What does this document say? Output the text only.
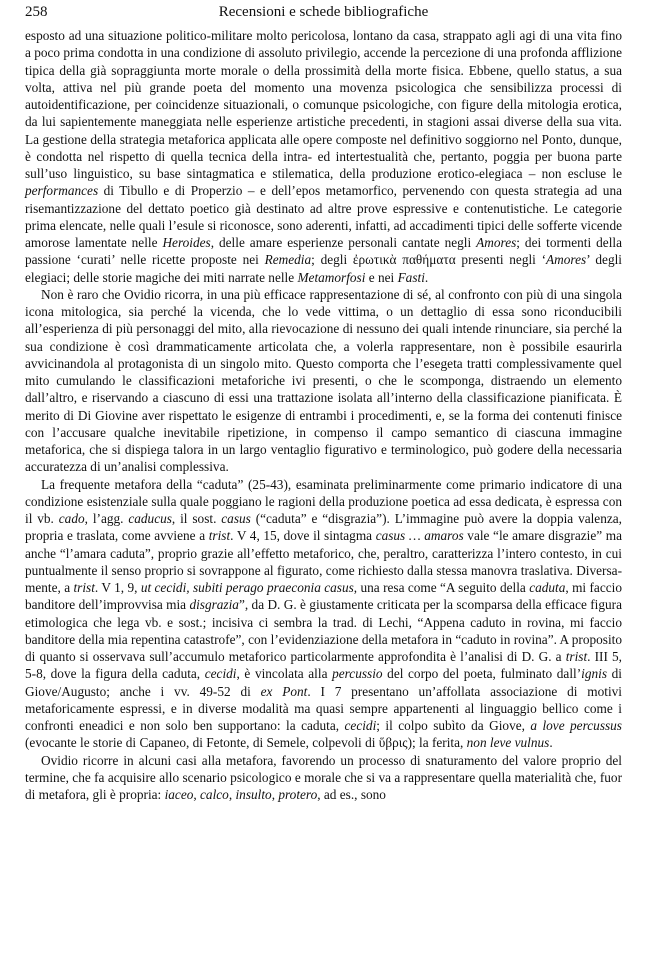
258	Recensioni e schede bibliografiche

esposto ad una situazione politico-militare molto pericolosa, lontano da casa, strappato agli agi di una vita fino a poco prima condotta in una condizione di assoluto privilegio, accende la percezione di una profonda afflizione tipica della già sopraggiunta morte morale o della prossimità della morte fisica. Ebbene, quello status, a sua volta, attiva nel più grande poeta del momento una movenza psicologica che sensibilizza processi di autoidentificazione, per coincidenze situazionali, o comunque psicologiche, con figure della mitologia erotica, da lui sapientemente maneggiata nelle esperienze artistiche precedenti, in stagioni assai diverse della sua vita. La gestione della strategia metaforica applicata alle opere composte nel definitivo soggiorno nel Ponto, dunque, è condotta nel rispetto di quella tecnica della intra- ed intertestualità che, pertanto, poggia per buona parte sull’uso linguistico, su base sintagmatica e stilematica, della produzione erotico-elegiaca – non escluse le performances di Tibullo e di Properzio – e dell’epos metamorfico, pervenendo con questa strategia ad una risemantizzazione del dettato poetico già destinato ad altre prove espressive e contenutistiche. Le categorie prima elencate, nelle quali l’esule si riconosce, sono aderenti, infatti, ad accadimenti tipici delle sofferte vicende amorose lamentate nelle Heroides, delle amare esperienze personali cantate negli Amores; dei tormenti della passione ‘curati’ nelle ricette proposte nei Remedia; degli ἐρωτικὰ παθήματα presenti negli ‘Amores’ degli elegiaci; delle storie magiche dei miti narrate nelle Metamorfosi e nei Fasti.

Non è raro che Ovidio ricorra, in una più efficace rappresentazione di sé, al confronto con più di una singola icona mitologica, sia perché la vicenda, che lo vede vittima, o un dettaglio di essa sono riconducibili all’esperienza di più personaggi del mito, alla rievocazione di nessuno dei quali intende rinunciare, sia perché la sua condizione è così drammaticamente articolata che, a volerla rappresentare, non è possibile esaurirla avvicinandola al protagonista di un singolo mito. Questo comporta che l’esegeta tratti complessivamente quel mito cumulando le classificazioni metaforiche ivi presenti, o che le scomponga, distraendo un elemento dall’altro, e riservando a ciascuno di essi una trattazione isolata all’interno della classificazione pianificata. È merito di Di Giovine aver rispettato le esigenze di entrambi i procedimenti, e, se la forma dei contenuti finisce con l’accusare qualche inevitabile ripetizione, in compenso il campo semantico di ciascuna immagine metaforica, che si dispiega talora in un largo ventaglio figurativo e terminologico, può godere della necessaria accuratezza di un’analisi complessiva.

La frequente metafora della “caduta” (25-43), esaminata preliminarmente come primario indicatore di una condizione esistenziale sulla quale poggiano le ragioni della produzione poetica ad essa dedicata, è espressa con il vb. cado, l’agg. caducus, il sost. casus (“caduta” e “disgrazia”). L’immagine può avere la doppia valenza, propria e traslata, come avviene a trist. V 4, 15, dove il sintagma casus … amaros vale “le amare disgrazie” ma anche “l’amara caduta”, proprio grazie all’effetto metaforico, che, peraltro, caratterizza l’intero contesto, in cui puntualmente il senso proprio si sovrappone al figurato, come richiesto dalla stessa manovra traslativa. Diversamente, a trist. V 1, 9, ut cecidi, subiti perago praeconia casus, una resa come “A seguito della caduta, mi faccio banditore dell’improvvisa mia disgrazia”, da D. G. è giustamente criticata per la scomparsa della efficace figura etimologica che lega vb. e sost.; incisiva ci sembra la trad. di Lechi, “Appena caduto in rovina, mi faccio banditore della mia repentina catastrofe”, con l’evidenziazione della metafora in “caduto in rovina”. A proposito di quanto si osservava sull’accumulo metaforico particolarmente approfondita è l’analisi di D. G. a trist. III 5, 5-8, dove la figura della caduta, cecidi, è vincolata alla percussio del corpo del poeta, fulminato dall’ignis di Giove/Augusto; anche i vv. 49-52 di ex Pont. I 7 presentano un’affollata associazione di motivi metaforicamente espressi, e in diverse modalità ma quasi sempre appartenenti al linguaggio bellico come i confronti eneadici e non solo ben supportano: la caduta, cecidi; il colpo subìto da Giove, a love percussus (evocante le storie di Capaneo, di Fetonte, di Semele, colpevoli di ὕβρις); la ferita, non leve vulnus.

Ovidio ricorre in alcuni casi alla metafora, favorendo un processo di snaturamento del valore proprio del termine, che fa acquisire allo scenario psicologico e morale che si va a rappresentare quella materialità che, fuor di metafora, gli è propria: iaceo, calco, insulto, protero, ad es., sono
